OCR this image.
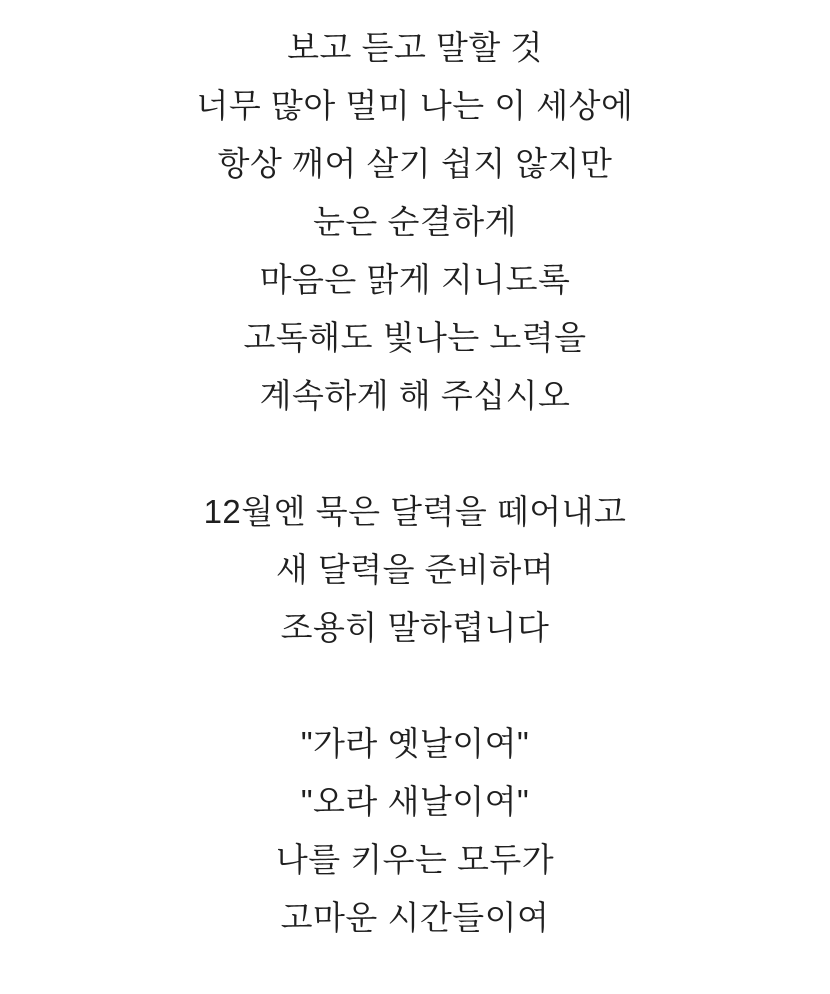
보고 듣고 말할 것
너무 많아 멀미 나는 이 세상에
항상 깨어 살기 쉽지 않지만
눈은 순결하게
마음은 맑게 지니도록
고독해도 빛나는 노력을
계속하게 해 주십시오
12월엔 묵은 달력을 떼어내고
새 달력을 준비하며
조용히 말하렵니다
"가라 옛날이여"
"오라 새날이여"
나를 키우는 모두가
고마운 시간들이여
